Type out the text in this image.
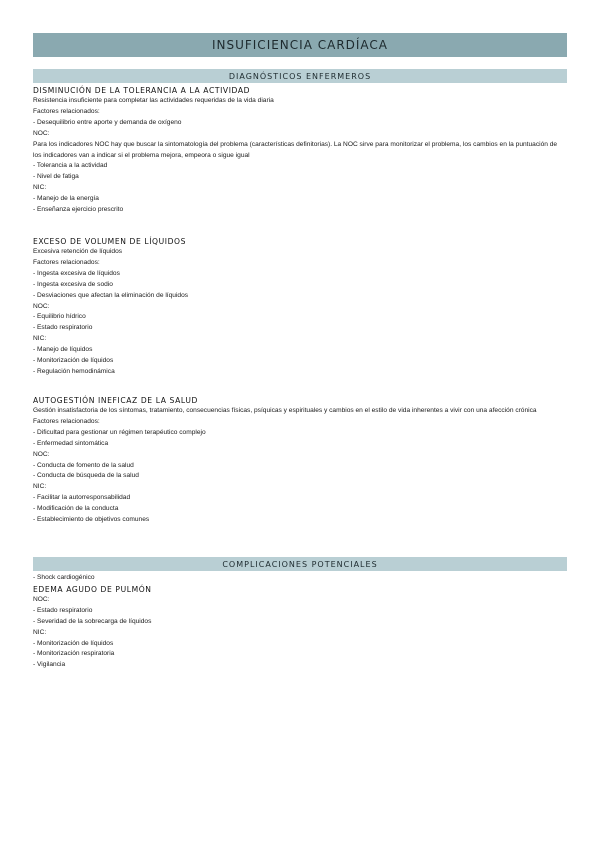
INSUFICIENCIA CARDÍACA
DIAGNÓSTICOS ENFERMEROS

DISMINUCIÓN DE LA TOLERANCIA A LA ACTIVIDAD

Resistencia insuficiente para completar las actividades requeridas de la vida diaria

Factores relacionados:

- Desequilibrio entre aporte y demanda de oxígeno

NOC:

Para los indicadores NOC hay que buscar la sintomatología del problema (características definitorias). La NOC sirve para monitorizar el problema, los cambios en la puntuación de los indicadores van a indicar si el problema mejora, empeora o sigue igual

- Tolerancia a la actividad

- Nivel de fatiga

NIC:

- Manejo de la energía

- Enseñanza ejercicio prescrito

EXCESO DE VOLUMEN DE LÍQUIDOS

Excesiva retención de líquidos

Factores relacionados:

- Ingesta excesiva de líquidos

- Ingesta excesiva de sodio

- Desviaciones que afectan la eliminación de líquidos

NOC:

- Equilibrio hídrico

- Estado respiratorio

NIC:

- Manejo de líquidos

- Monitorización de líquidos

- Regulación hemodinámica

AUTOGESTIÓN INEFICAZ DE LA SALUD

Gestión insatisfactoria de los síntomas, tratamiento, consecuencias físicas, psíquicas y espirituales y cambios en el estilo de vida inherentes a vivir con una afección crónica

Factores relacionados:

- Dificultad para gestionar un régimen terapéutico complejo

- Enfermedad sintomática

NOC:

- Conducta de fomento de la salud

- Conducta de búsqueda de la salud

NIC:

- Facilitar la autorresponsabilidad

- Modificación de la conducta

- Establecimiento de objetivos comunes

COMPLICACIONES POTENCIALES

- Shock cardiogénico

EDEMA AGUDO DE PULMÓN

NOC:

- Estado respiratorio

- Severidad de la sobrecarga de líquidos

NIC:

- Monitorización de líquidos

- Monitorización respiratoria

- Vigilancia
